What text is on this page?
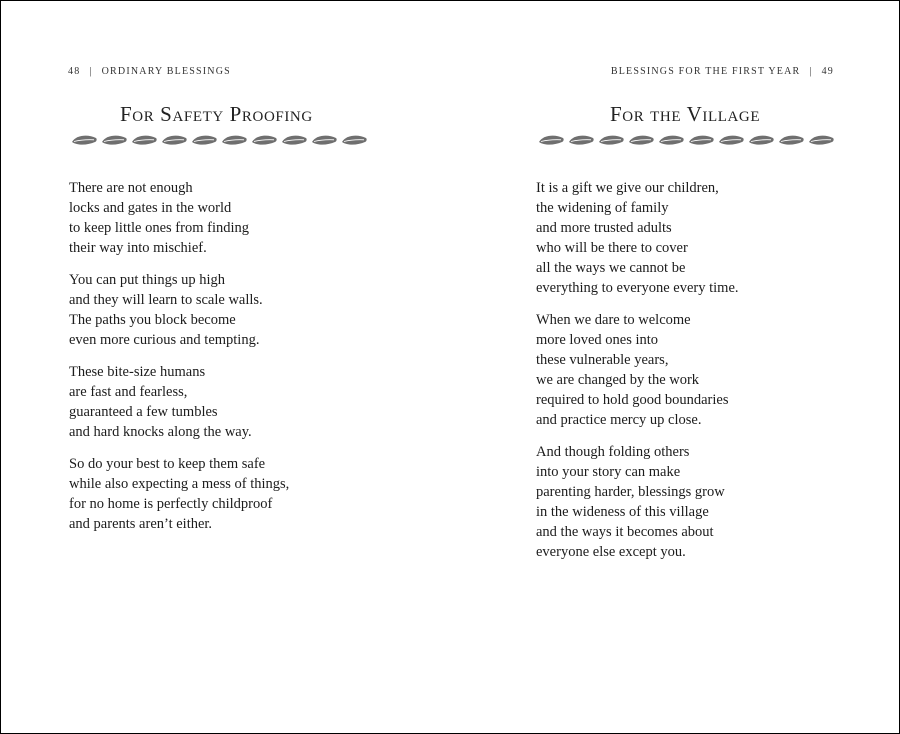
48 | ORDINARY BLESSINGS
For Safety Proofing
There are not enough
locks and gates in the world
to keep little ones from finding
their way into mischief.
You can put things up high
and they will learn to scale walls.
The paths you block become
even more curious and tempting.
These bite-size humans
are fast and fearless,
guaranteed a few tumbles
and hard knocks along the way.
So do your best to keep them safe
while also expecting a mess of things,
for no home is perfectly childproof
and parents aren’t either.
BLESSINGS FOR THE FIRST YEAR | 49
For the Village
It is a gift we give our children,
the widening of family
and more trusted adults
who will be there to cover
all the ways we cannot be
everything to everyone every time.
When we dare to welcome
more loved ones into
these vulnerable years,
we are changed by the work
required to hold good boundaries
and practice mercy up close.
And though folding others
into your story can make
parenting harder, blessings grow
in the wideness of this village
and the ways it becomes about
everyone else except you.
